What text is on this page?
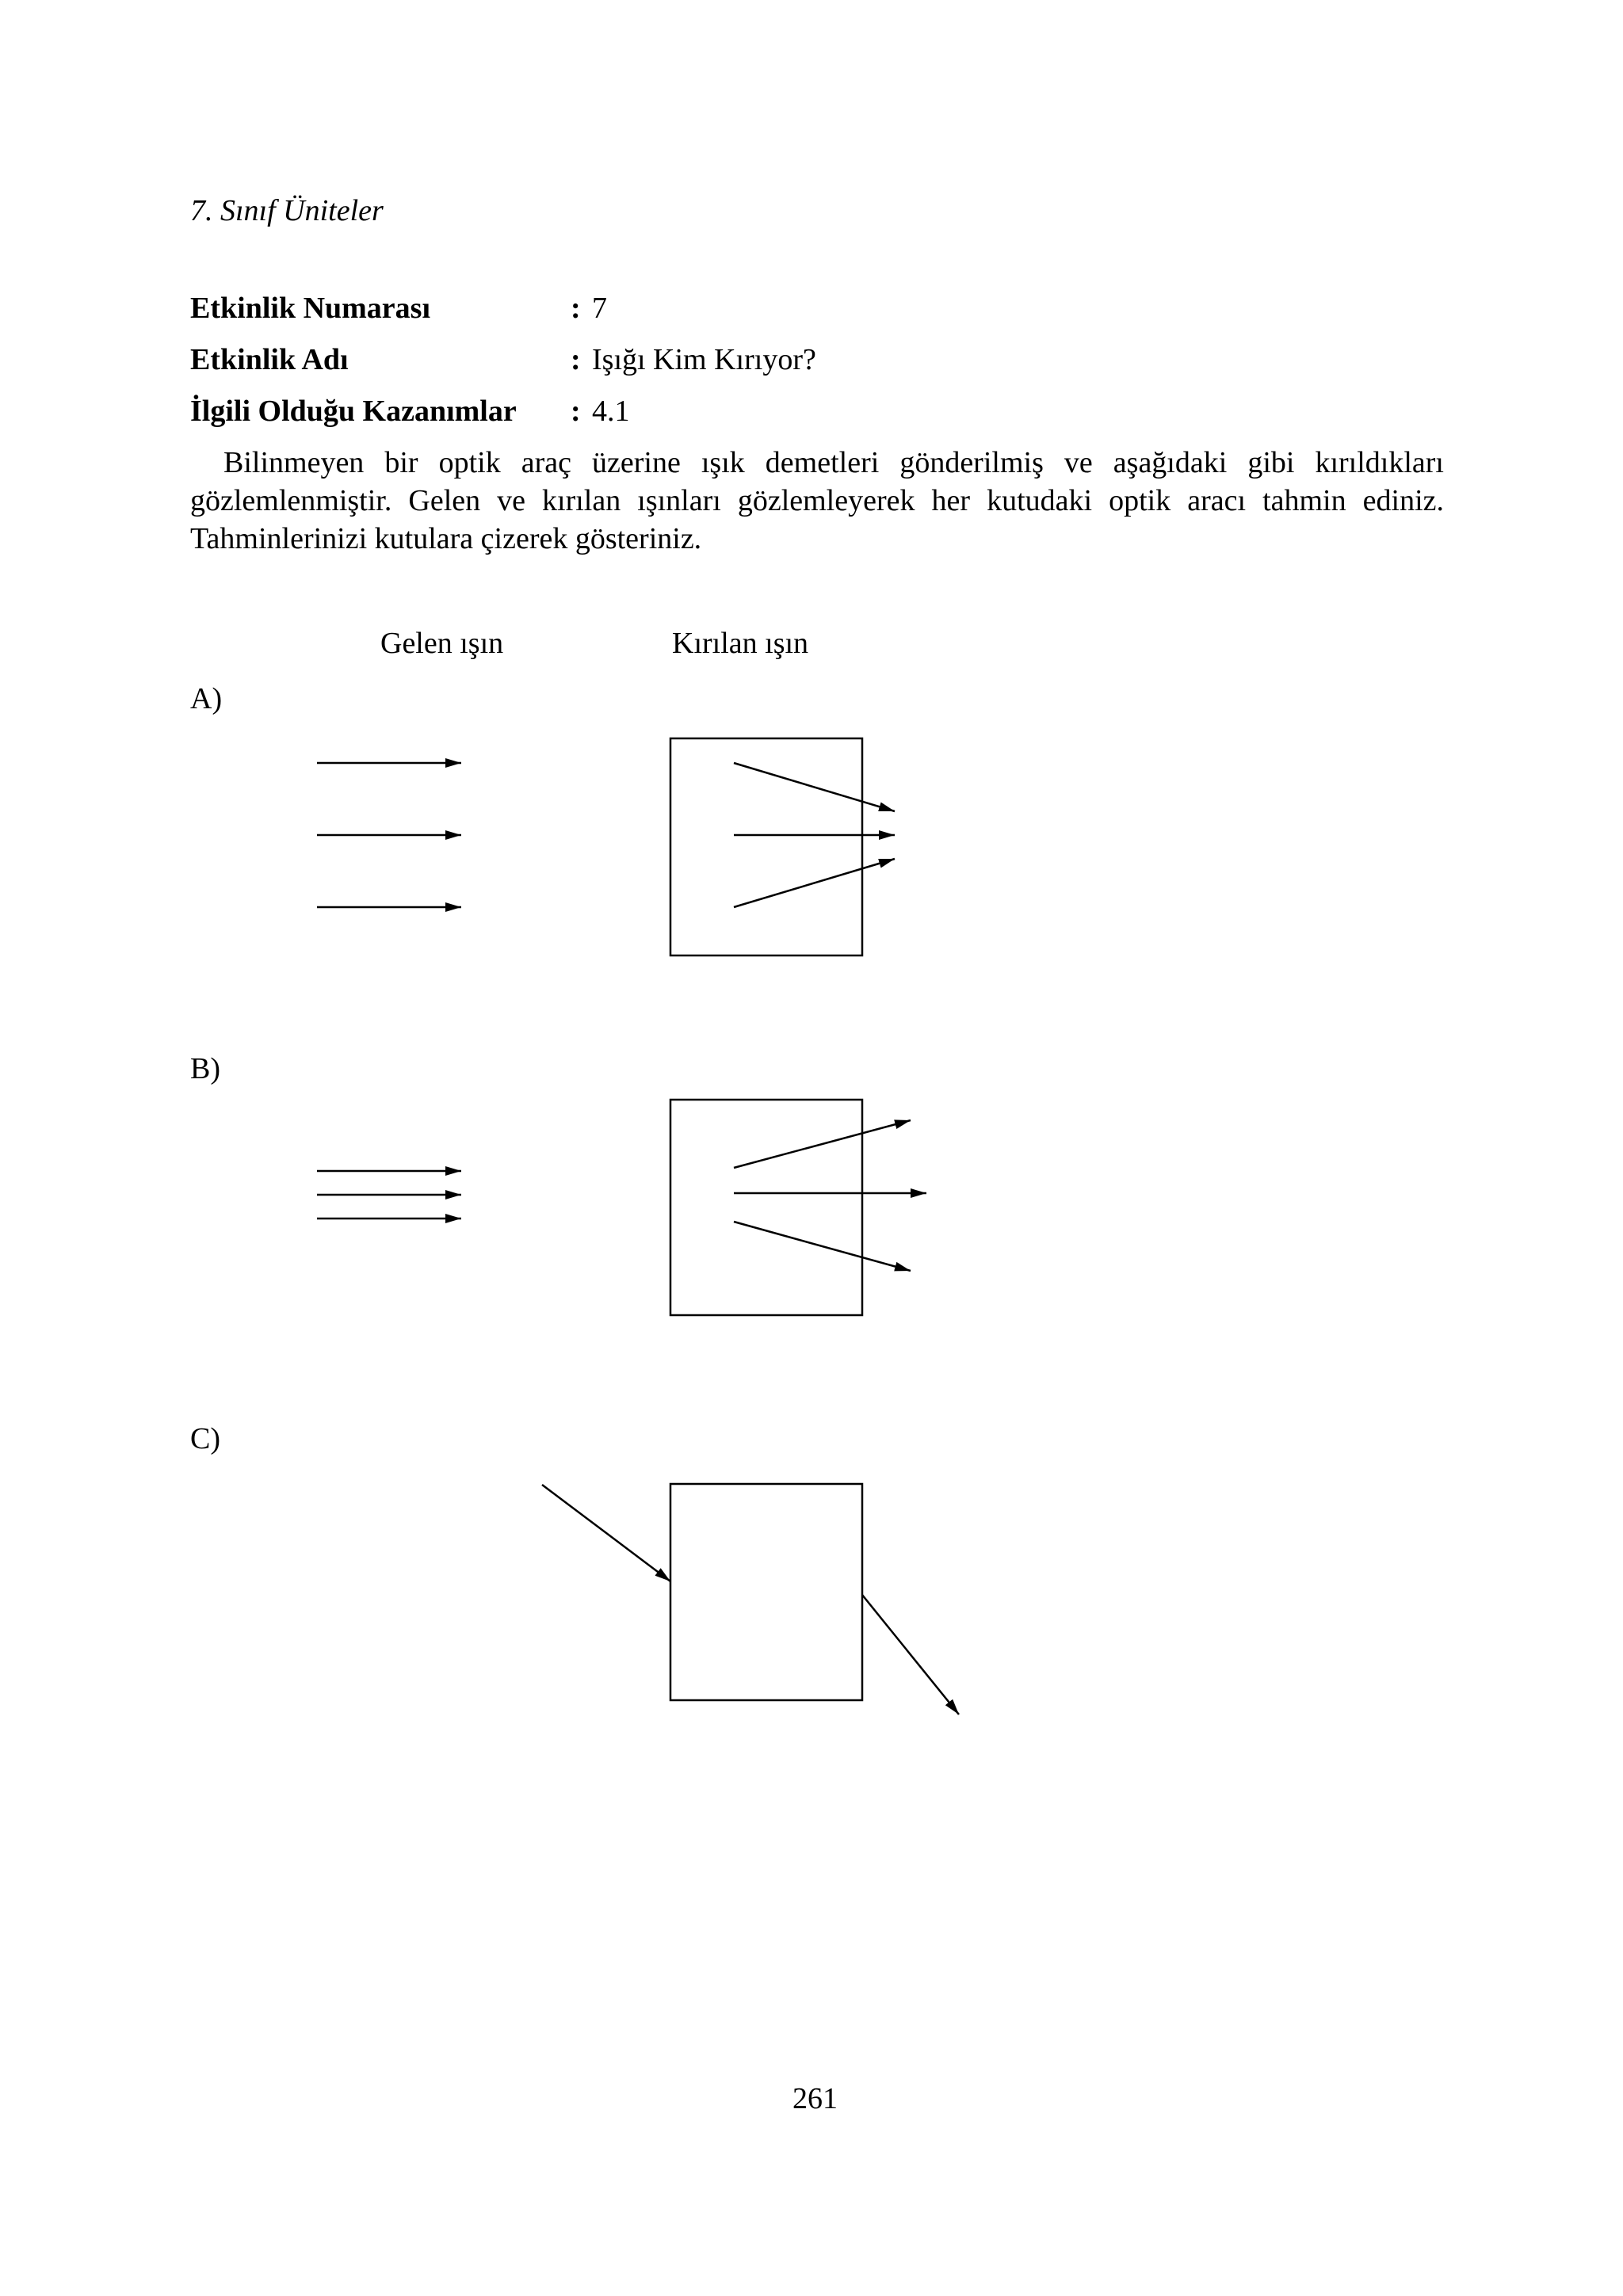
7. Sınıf Üniteler
Etkinlik Numarası	: 7
Etkinlik Adı	: Işığı Kim Kırıyor?
İlgili Olduğu Kazanımlar : 4.1
Bilinmeyen bir optik araç üzerine ışık demetleri gönderilmiş ve aşağıdaki gibi kırıldıkları gözlemlenmiştir. Gelen ve kırılan ışınları gözlemleyerek her kutudaki optik aracı tahmin ediniz. Tahminlerinizi kutulara çizerek gösteriniz.
Gelen ışın	Kırılan ışın
A)
B)
C)
261
